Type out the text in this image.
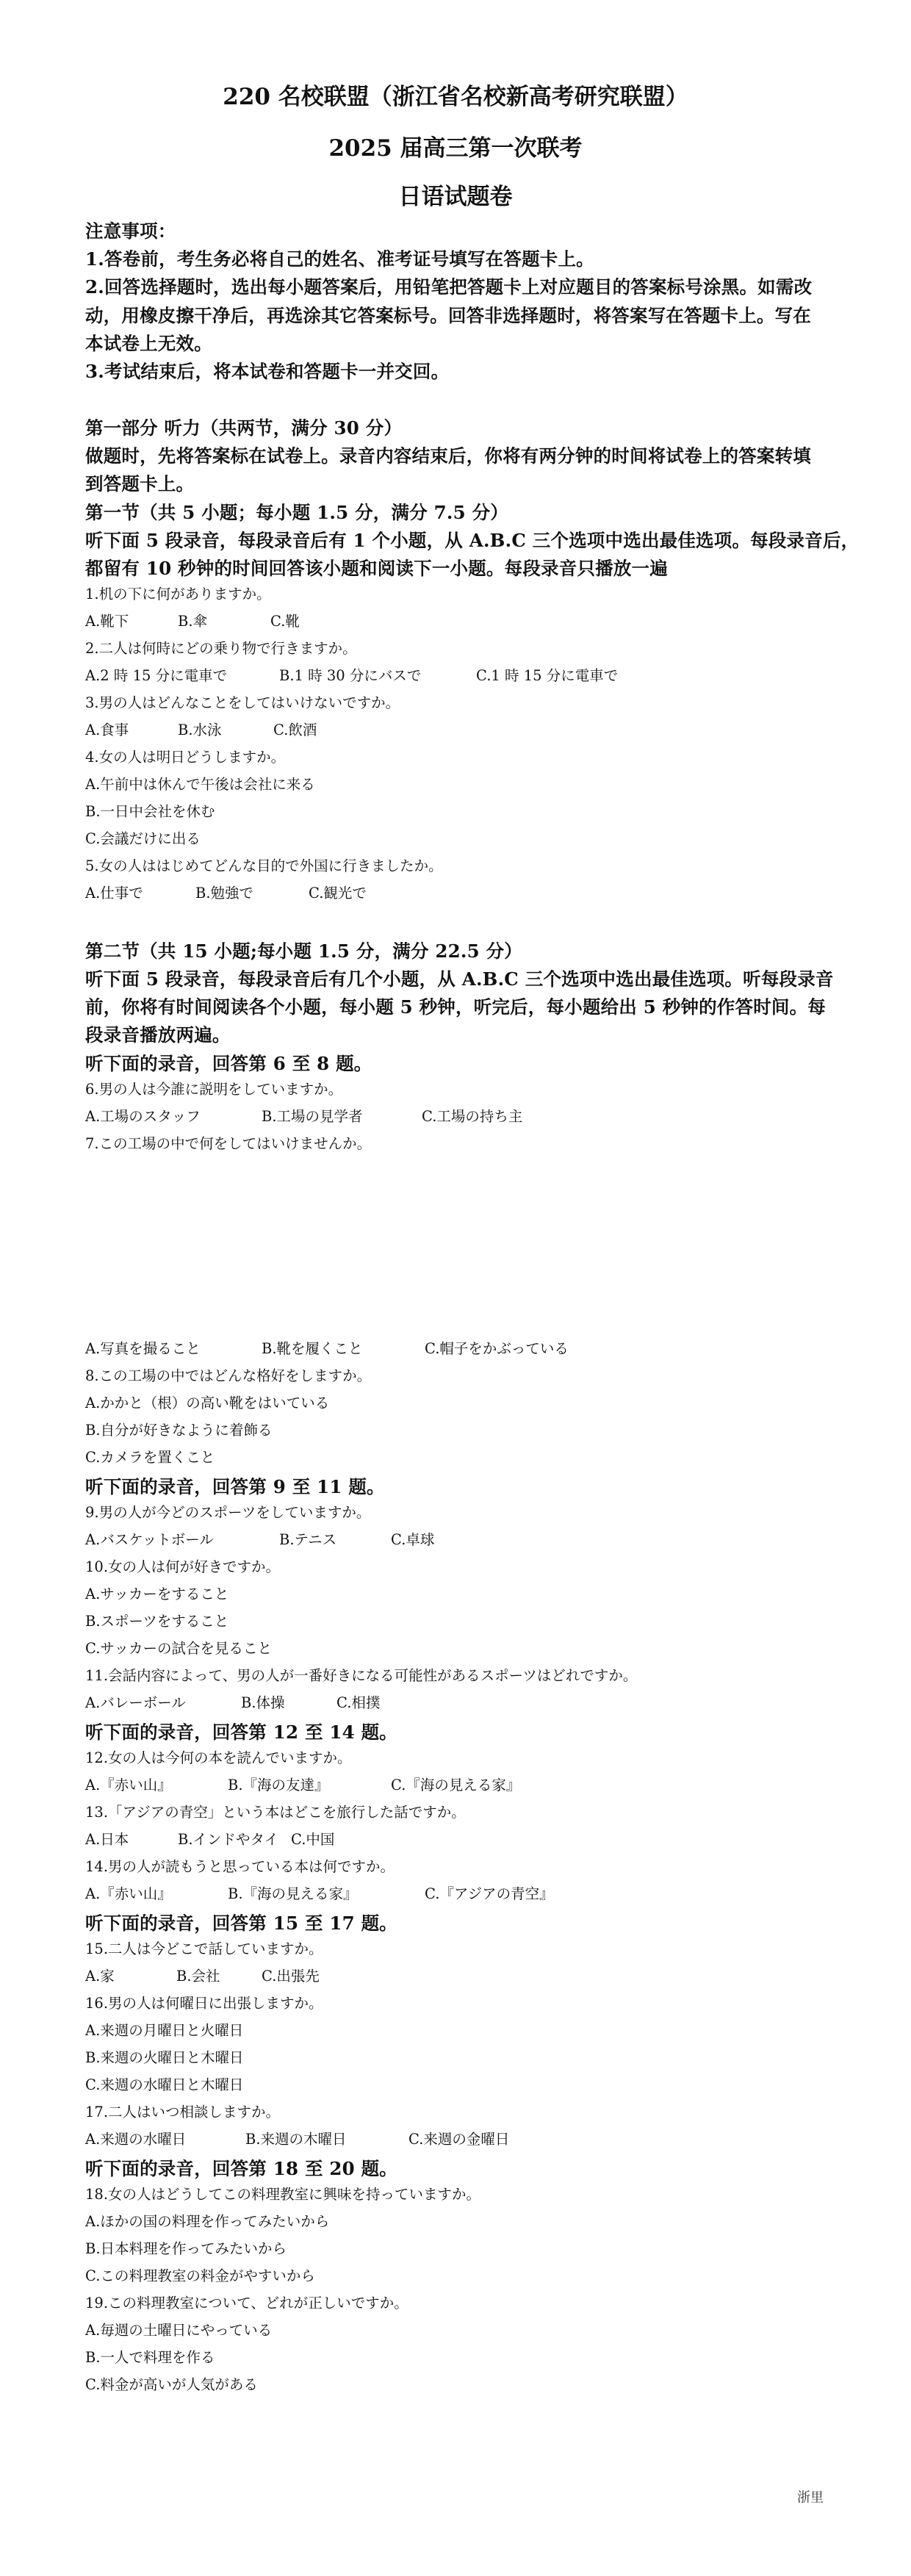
220 名校联盟（浙江省名校新高考研究联盟）
2025 届高三第一次联考
日语试题卷
注意事项：
1.答卷前，考生务必将自己的姓名、准考证号填写在答题卡上。
2.回答选择题时，选出每小题答案后，用铅笔把答题卡上对应题目的答案标号涂黑。如需改
动，用橡皮擦干净后，再选涂其它答案标号。回答非选择题时，将答案写在答题卡上。写在
本试卷上无效。
3.考试结束后，将本试卷和答题卡一并交回。
第一部分 听力（共两节，满分 30 分）
做题时，先将答案标在试卷上。录音内容结束后，你将有两分钟的时间将试卷上的答案转填
到答题卡上。
第一节（共 5 小题；每小题 1.5 分，满分 7.5 分）
听下面 5 段录音，每段录音后有 1 个小题，从 A.B.C 三个选项中选出最佳选项。每段录音后，
都留有 10 秒钟的时间回答该小题和阅读下一小题。每段录音只播放一遍
1.机の下に何がありますか。
A.靴下	B.傘	C.靴
2.二人は何時にどの乗り物で行きますか。
A.2 時 15 分に電車で	B.1 時 30 分にバスで	C.1 時 15 分に電車で
3.男の人はどんなことをしてはいけないですか。
A.食事	B.水泳	C.飲酒
4.女の人は明日どうしますか。
A.午前中は休んで午後は会社に来る
B.一日中会社を休む
C.会議だけに出る
5.女の人ははじめてどんな目的で外国に行きましたか。
A.仕事で	B.勉強で	C.観光で
第二节（共 15 小题;每小题 1.5 分，满分 22.5 分）
听下面 5 段录音，每段录音后有几个小题，从 A.B.C 三个选项中选出最佳选项。听每段录音
前，你将有时间阅读各个小题，每小题 5 秒钟，听完后，每小题给出 5 秒钟的作答时间。每
段录音播放两遍。
听下面的录音，回答第 6 至 8 题。
6.男の人は今誰に説明をしていますか。
A.工場のスタッフ	B.工場の見学者	C.工場の持ち主
7.この工場の中で何をしてはいけませんか。
A.写真を撮ること	B.靴を履くこと	C.帽子をかぶっている
8.この工場の中ではどんな格好をしますか。
A.かかと（根）の高い靴をはいている
B.自分が好きなように着飾る
C.カメラを置くこと
听下面的录音，回答第 9 至 11 题。
9.男の人が今どのスポーツをしていますか。
A.バスケットボール	B.テニス	C.卓球
10.女の人は何が好きですか。
A.サッカーをすること
B.スポーツをすること
C.サッカーの試合を見ること
11.会話内容によって、男の人が一番好きになる可能性があるスポーツはどれですか。
A.バレーボール	B.体操	C.相撲
听下面的录音，回答第 12 至 14 题。
12.女の人は今何の本を読んでいますか。
A.『赤い山』	B.『海の友達』	C.『海の見える家』
13.「アジアの青空」という本はどこを旅行した話ですか。
A.日本	B.インドやタイ C.中国
14.男の人が読もうと思っている本は何ですか。
A.『赤い山』	B.『海の見える家』	C.『アジアの青空』
听下面的录音，回答第 15 至 17 题。
15.二人は今どこで話していますか。
A.家	B.会社	C.出張先
16.男の人は何曜日に出張しますか。
A.来週の月曜日と火曜日
B.来週の火曜日と木曜日
C.来週の水曜日と木曜日
17.二人はいつ相談しますか。
A.来週の水曜日	B.来週の木曜日	C.来週の金曜日
听下面的录音，回答第 18 至 20 题。
18.女の人はどうしてこの料理教室に興味を持っていますか。
A.ほかの国の料理を作ってみたいから
B.日本料理を作ってみたいから
C.この料理教室の料金がやすいから
19.この料理教室について、どれが正しいですか。
A.毎週の土曜日にやっている
B.一人で料理を作る
C.料金が高いが人気がある
浙里
